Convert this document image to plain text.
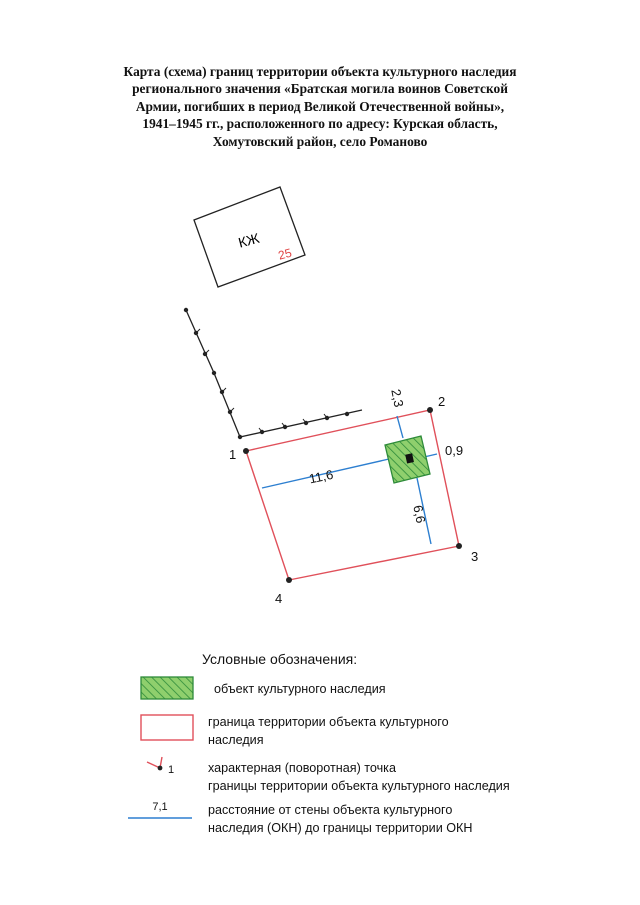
Карта (схема) границ территории объекта культурного наследия
регионального значения «Братская могила воинов Советской
Армии, погибших в период Великой Отечественной войны»,
1941–1945 гг., расположенного по адресу: Курская область,
Хомутовский район, село Романово
КЖ
25
1
2
3
4
11,6
2,3
0,9
6,6
1
7,1
Условные обозначения:
объект культурного наследия
граница территории объекта культурного
наследия
характерная (поворотная) точка
границы территории объекта культурного наследия
расстояние от стены объекта культурного
наследия (ОКН) до границы территории ОКН
